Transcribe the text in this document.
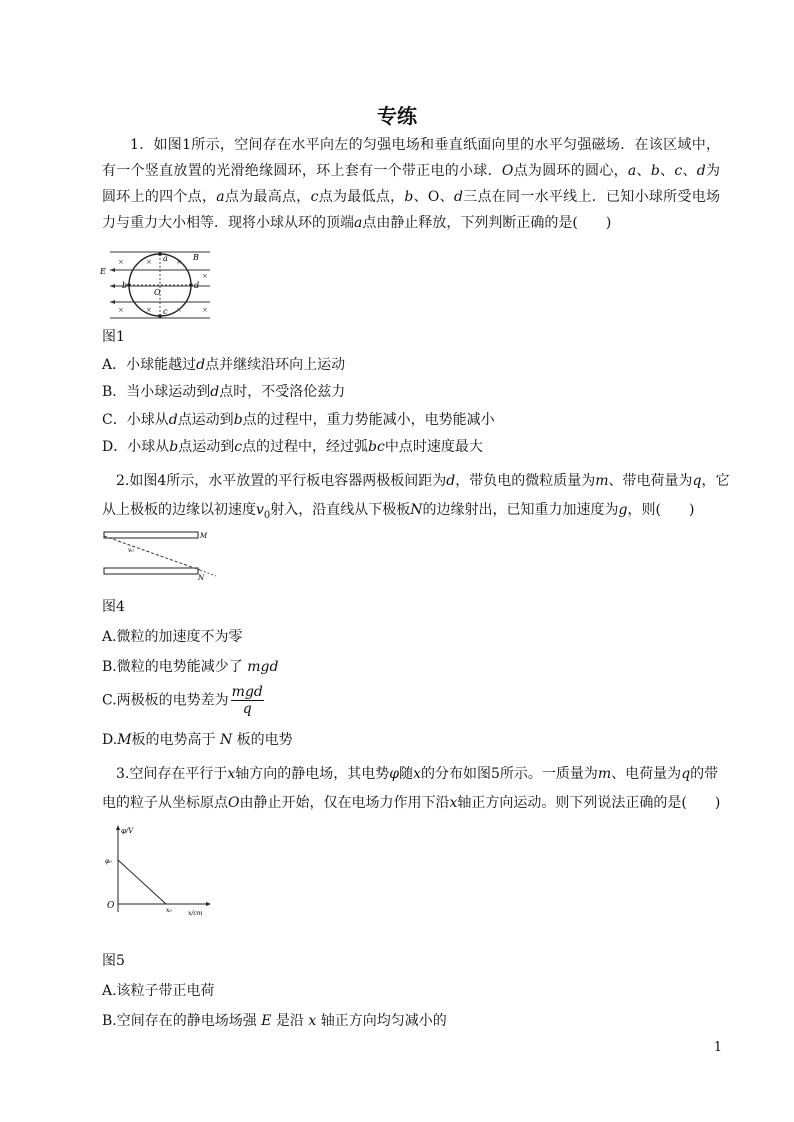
专练
1．如图1所示，空间存在水平向左的匀强电场和垂直纸面向里的水平匀强磁场．在该区域中，有一个竖直放置的光滑绝缘圆环，环上套有一个带正电的小球．O点为圆环的圆心，a、b、c、d为圆环上的四个点，a点为最高点，c点为最低点，b、O、d三点在同一水平线上．已知小球所受电场力与重力大小相等．现将小球从环的顶端a点由静止释放，下列判断正确的是(　　)
E
B
a
b	d
c
O
×	×	×
×	×	×	×
×
图1
A．小球能越过d点并继续沿环向上运动
B．当小球运动到d点时，不受洛伦兹力
C．小球从d点运动到b点的过程中，重力势能减小，电势能减小
D．小球从b点运动到c点的过程中，经过弧bc中点时速度最大
2.如图4所示，水平放置的平行板电容器两极板间距为d，带负电的微粒质量为m、带电荷量为q，它
从上极板的边缘以初速度$v_0$射入，沿直线从下极板N的边缘射出，已知重力加速度为g，则(　　)
M
N
v₀
图4
A.微粒的加速度不为零
B.微粒的电势能减少了 mgd
C.两极板的电势差为 $\frac{\text{mgd}}{q}$
D.M板的电势高于 N 板的电势
3.空间存在平行于x轴方向的静电场，其电势φ随x的分布如图5所示。一质量为m、电荷量为q的带
电的粒子从坐标原点O由静止开始，仅在电场力作用下沿x轴正方向运动。则下列说法正确的是(　　)
φ/V
φ₀
O	x₀	x/cm
图5
A.该粒子带正电荷
B.空间存在的静电场场强 E 是沿 x 轴正方向均匀减小的
1
